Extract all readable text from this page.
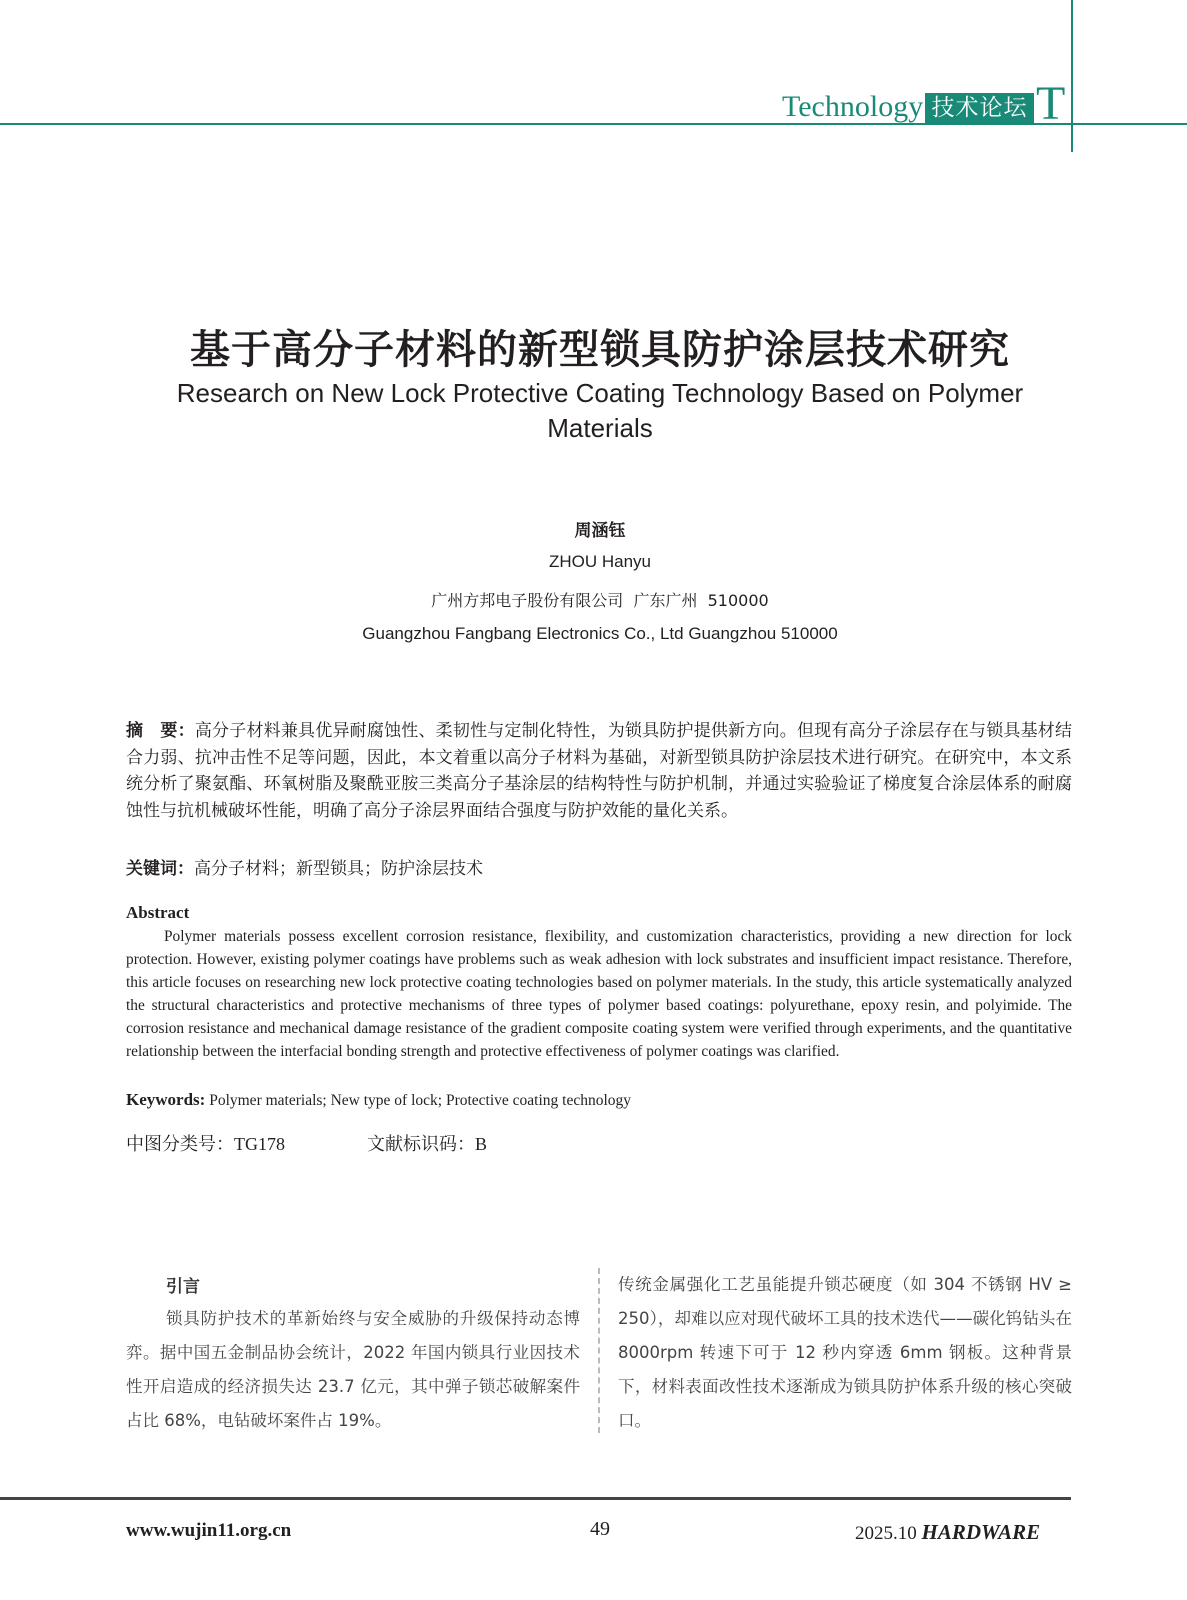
Technology 技术论坛 T
基于高分子材料的新型锁具防护涂层技术研究
Research on New Lock Protective Coating Technology Based on Polymer Materials
周涵钰
ZHOU Hanyu
广州方邦电子股份有限公司  广东广州  510000
Guangzhou Fangbang Electronics Co., Ltd Guangzhou 510000
摘　要：高分子材料兼具优异耐腐蚀性、柔韧性与定制化特性，为锁具防护提供新方向。但现有高分子涂层存在与锁具基材结合力弱、抗冲击性不足等问题，因此，本文着重以高分子材料为基础，对新型锁具防护涂层技术进行研究。在研究中，本文系统分析了聚氨酯、环氧树脂及聚酰亚胺三类高分子基涂层的结构特性与防护机制，并通过实验验证了梯度复合涂层体系的耐腐蚀性与抗机械破坏性能，明确了高分子涂层界面结合强度与防护效能的量化关系。
关键词：高分子材料；新型锁具；防护涂层技术
Abstract
Polymer materials possess excellent corrosion resistance, flexibility, and customization characteristics, providing a new direction for lock protection. However, existing polymer coatings have problems such as weak adhesion with lock substrates and insufficient impact resistance. Therefore, this article focuses on researching new lock protective coating technologies based on polymer materials. In the study, this article systematically analyzed the structural characteristics and protective mechanisms of three types of polymer based coatings: polyurethane, epoxy resin, and polyimide. The corrosion resistance and mechanical damage resistance of the gradient composite coating system were verified through experiments, and the quantitative relationship between the interfacial bonding strength and protective effectiveness of polymer coatings was clarified.
Keywords: Polymer materials; New type of lock; Protective coating technology
中图分类号：TG178	文献标识码：B
引言
锁具防护技术的革新始终与安全威胁的升级保持动态博弈。据中国五金制品协会统计，2022 年国内锁具行业因技术性开启造成的经济损失达 23.7 亿元，其中弹子锁芯破解案件占比 68%，电钻破坏案件占 19%。
传统金属强化工艺虽能提升锁芯硬度（如 304 不锈钢 HV ≥ 250），却难以应对现代破坏工具的技术迭代——碳化钨钻头在 8000rpm 转速下可于 12 秒内穿透 6mm 钢板。这种背景下，材料表面改性技术逐渐成为锁具防护体系升级的核心突破口。
www.wujin11.org.cn	49	2025.10 HARDWARE
